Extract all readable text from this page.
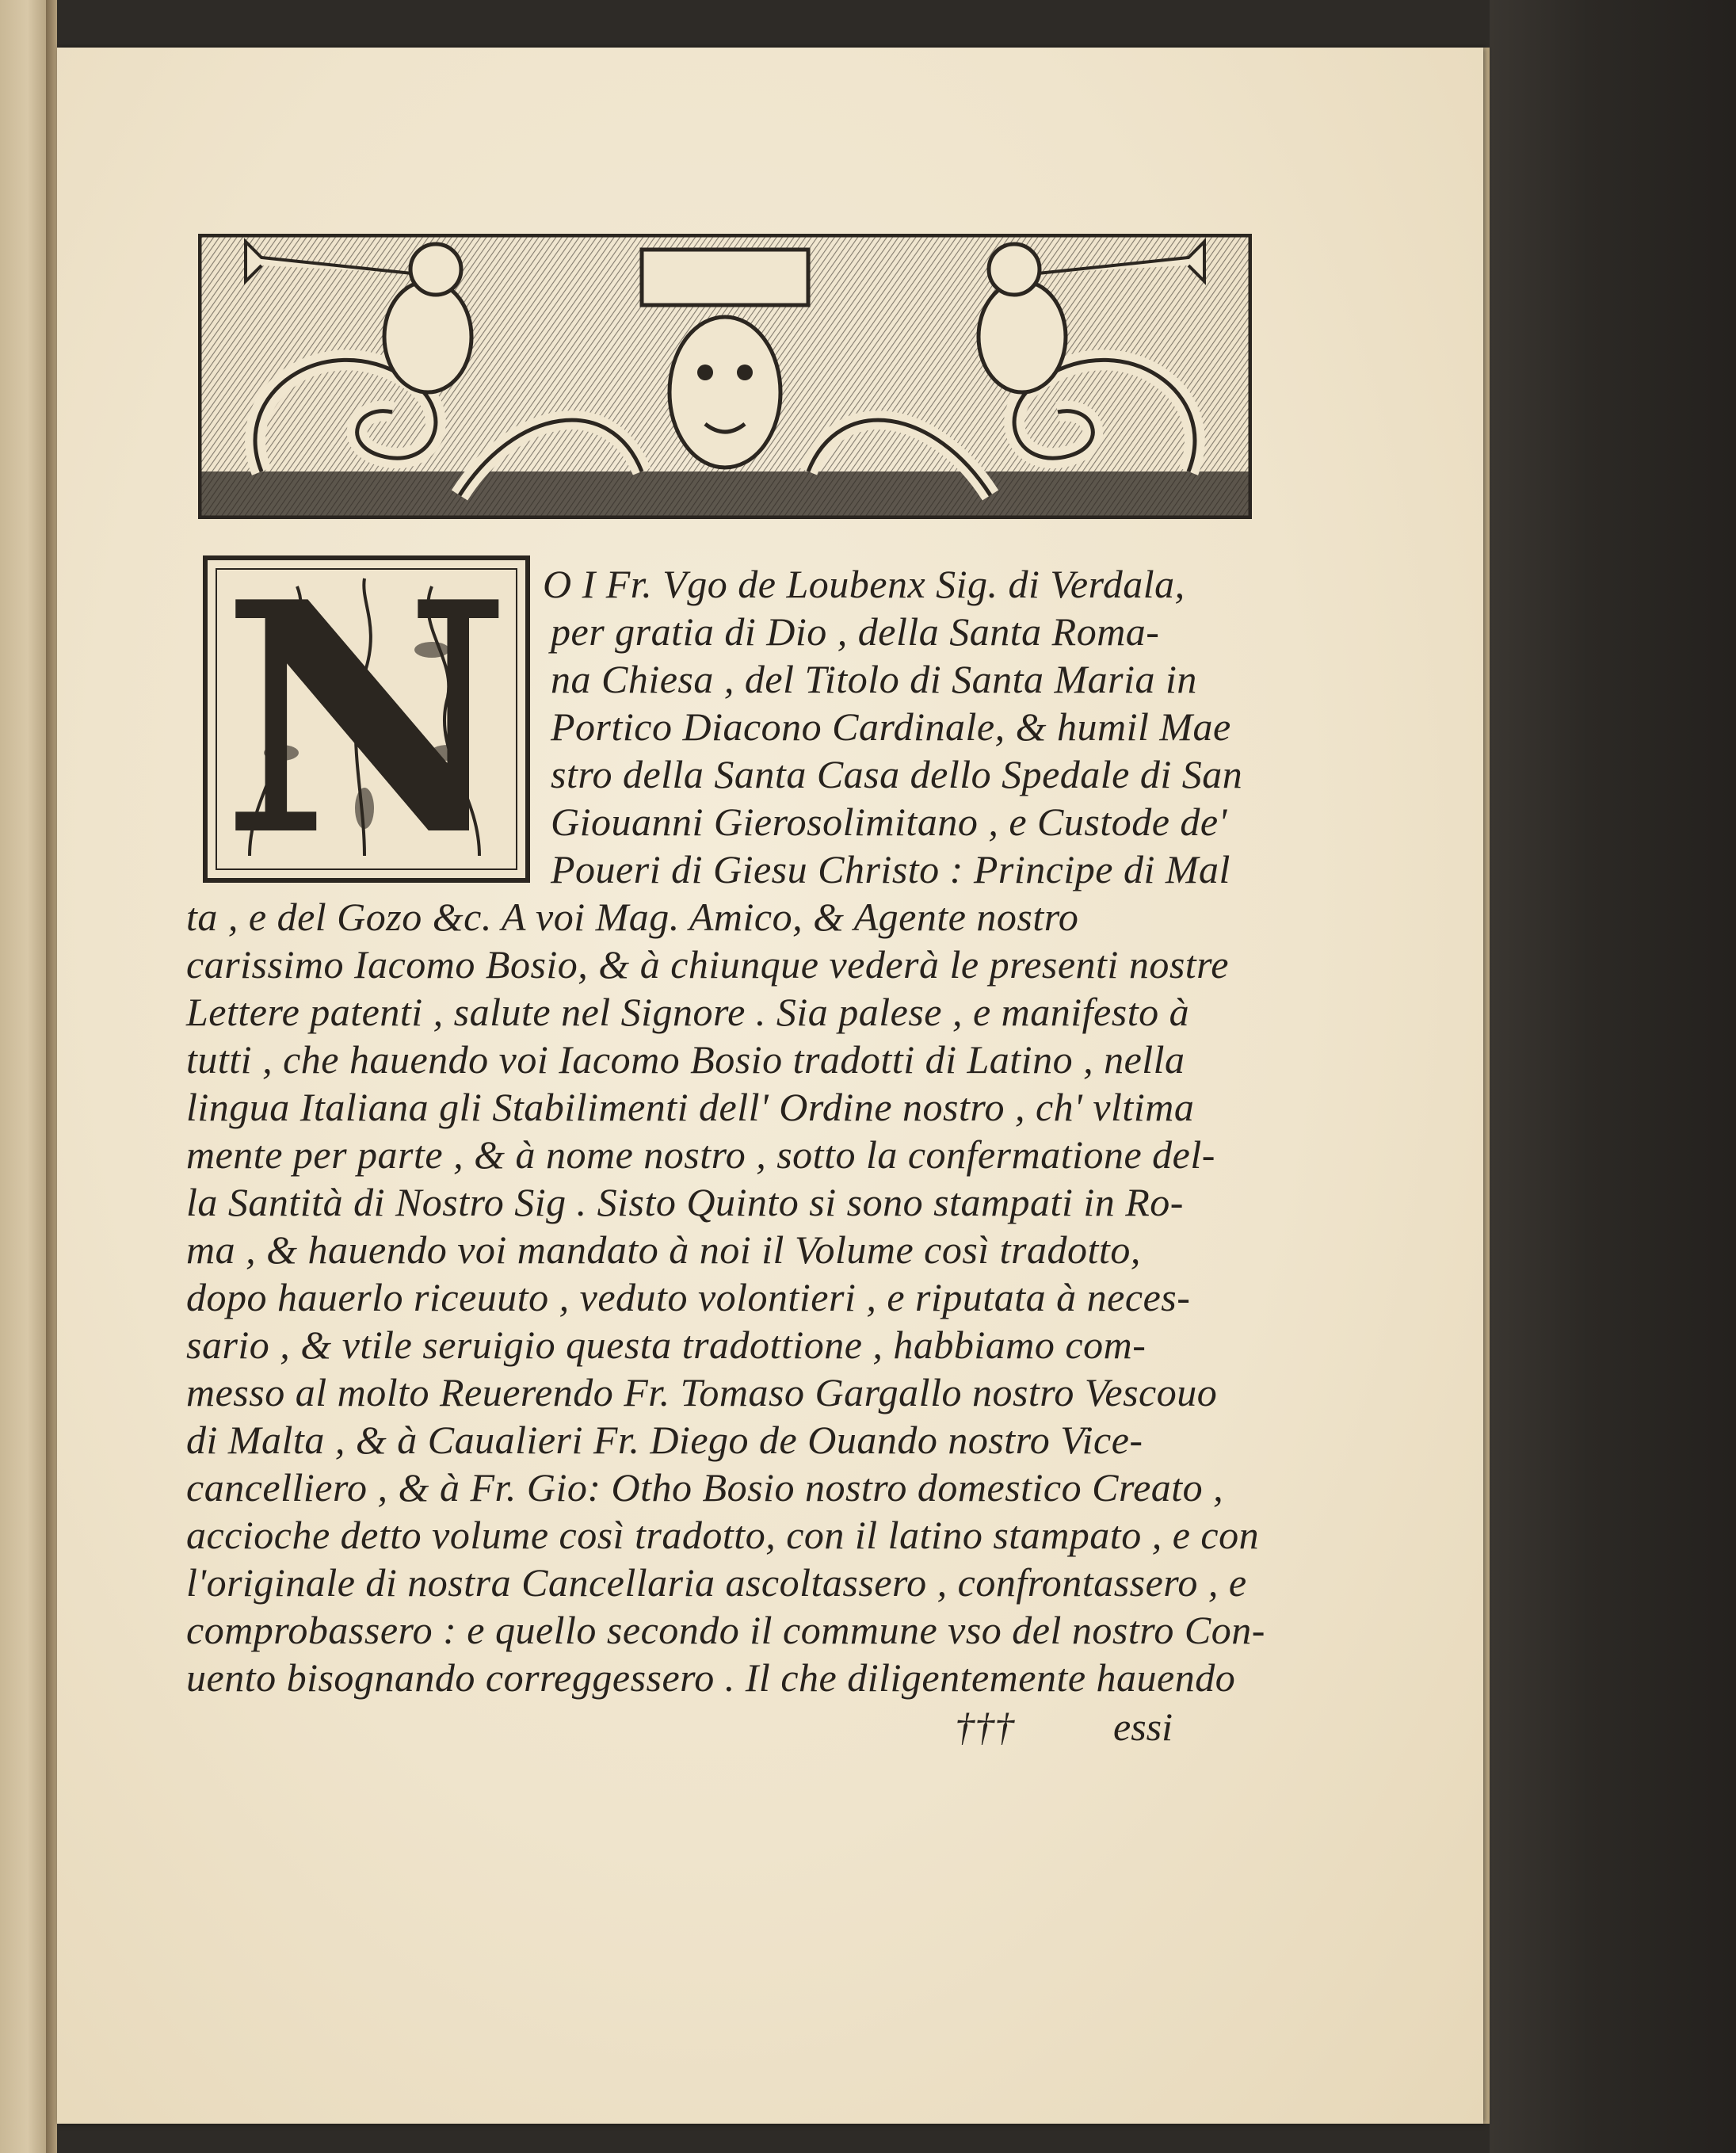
N O I Fr. Vgo de Loubenx Sig. di Verdala,
per gratia di Dio , della Santa Roma-
na Chiesa , del Titolo di Santa Maria in
Portico Diacono Cardinale, & humil Mae
stro della Santa Casa dello Spedale di San
Giouanni Gierosolimitano , e Custode de'
Poueri di Giesu Christo : Principe di Mal
ta , e del Gozo &c. A voi Mag. Amico, & Agente nostro
carissimo Iacomo Bosio, & à chiunque vederà le presenti nostre
Lettere patenti , salute nel Signore . Sia palese , e manifesto à
tutti , che hauendo voi Iacomo Bosio tradotti di Latino , nella
lingua Italiana gli Stabilimenti dell' Ordine nostro , ch' vltima
mente per parte , & à nome nostro , sotto la confermatione del-
la Santità di Nostro Sig . Sisto Quinto si sono stampati in Ro-
ma , & hauendo voi mandato à noi il Volume così tradotto,
dopo hauerlo riceuuto , veduto volontieri , e riputata à neces-
sario , & vtile seruigio questa tradottione , habbiamo com-
messo al molto Reuerendo Fr. Tomaso Gargallo nostro Vescouo
di Malta , & à Caualieri Fr. Diego de Ouando nostro Vice-
cancelliero , & à Fr. Gio: Otho Bosio nostro domestico Creato ,
accioche detto volume così tradotto, con il latino stampato , e con
l'originale di nostra Cancellaria ascoltassero , confrontassero , e
comprobassero : e quello secondo il commune vso del nostro Con-
uento bisognando correggessero . Il che diligentemente hauendo
†††	essi
